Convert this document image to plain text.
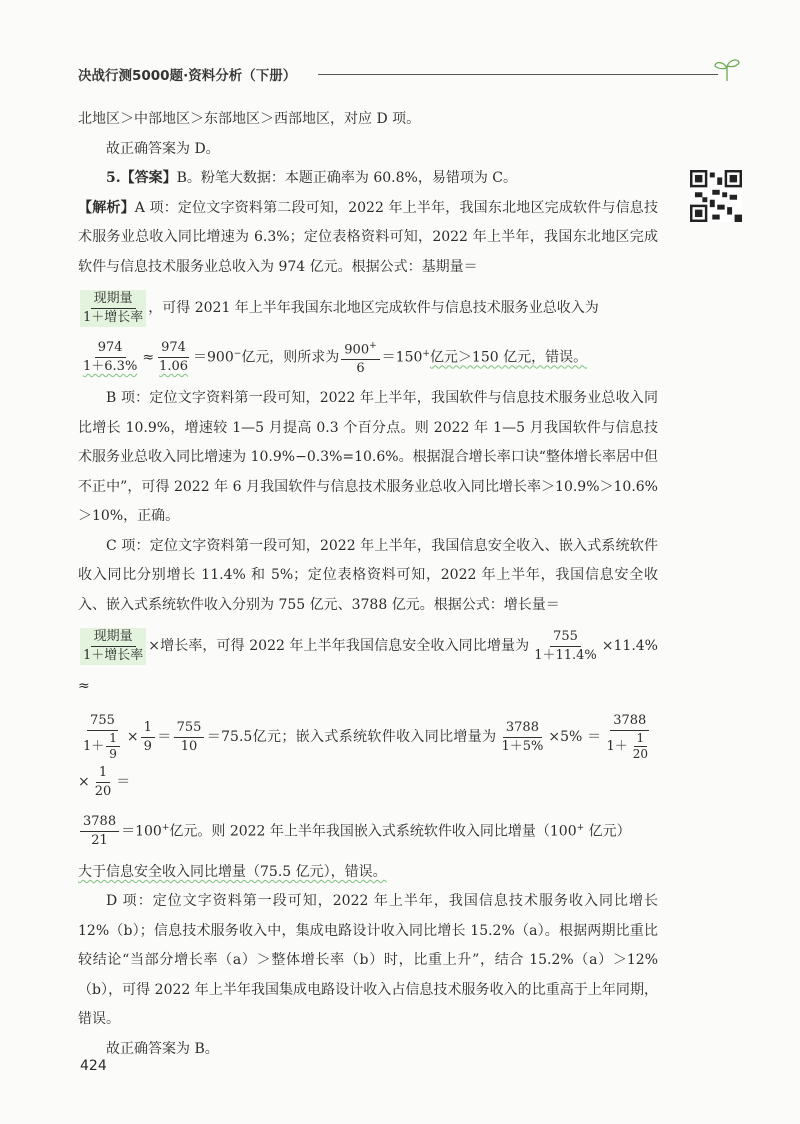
决战行测5000题·资料分析（下册）

北地区＞中部地区＞东部地区＞西部地区，对应 D 项。

故正确答案为 D。

5.【答案】B。粉笔大数据：本题正确率为 60.8%，易错项为 C。

【解析】A 项：定位文字资料第二段可知，2022 年上半年，我国东北地区完成软件与信息技术服务业总收入同比增速为 6.3%；定位表格资料可知，2022 年上半年，我国东北地区完成软件与信息技术服务业总收入为 974 亿元。根据公式：基期量＝

$\frac{\text{现期量}}{\text{1＋增长率}}$ ，可得 2021 年上半年我国东北地区完成软件与信息技术服务业总收入为

$\frac{974}{1+6.3\%} \approx \frac{974}{1.06} =900^-$亿元，则所求为 $\frac{900^+}{6} =150^+$亿元＞150 亿元，错误。

B 项：定位文字资料第一段可知，2022 年上半年，我国软件与信息技术服务业总收入同比增长 10.9%，增速较 1—5 月提高 0.3 个百分点。则 2022 年 1—5 月我国软件与信息技术服务业总收入同比增速为 10.9%−0.3%=10.6%。根据混合增长率口诀“整体增长率居中但不正中”，可得 2022 年 6 月我国软件与信息技术服务业总收入同比增长率＞10.9%＞10.6%＞10%，正确。

C 项：定位文字资料第一段可知，2022 年上半年，我国信息安全收入、嵌入式系统软件收入同比分别增长 11.4% 和 5%；定位表格资料可知，2022 年上半年，我国信息安全收入、嵌入式系统软件收入分别为 755 亿元、3788 亿元。根据公式：增长量＝

$\frac{\text{现期量}}{\text{1＋增长率}}$ ×增长率，可得 2022 年上半年我国信息安全收入同比增量为 $\frac{755}{1+11.4\%} \times 11.4\%$ ≈

$\frac{755}{1+ \frac{1}{9}} \times \frac{1}{9} = \frac{755}{10} =75.5$亿元；嵌入式系统软件收入同比增量为 $\frac{3788}{1+5\%} \times 5\% = \frac{3788}{1+ \frac{1}{20}}$
× $\frac{1}{20}$ ＝

$\frac{3788}{21} =100^+$亿元。则 2022 年上半年我国嵌入式系统软件收入同比增量（100+ 亿元）

大于信息安全收入同比增量（75.5 亿元），错误。

D 项：定位文字资料第一段可知，2022 年上半年，我国信息技术服务收入同比增长 12%（b）；信息技术服务收入中，集成电路设计收入同比增长 15.2%（a）。根据两期比重比较结论“当部分增长率（a）＞整体增长率（b）时，比重上升”，结合 15.2%（a）＞12%（b），可得 2022 年上半年我国集成电路设计收入占信息技术服务收入的比重高于上年同期，错误。

故正确答案为 B。

424
